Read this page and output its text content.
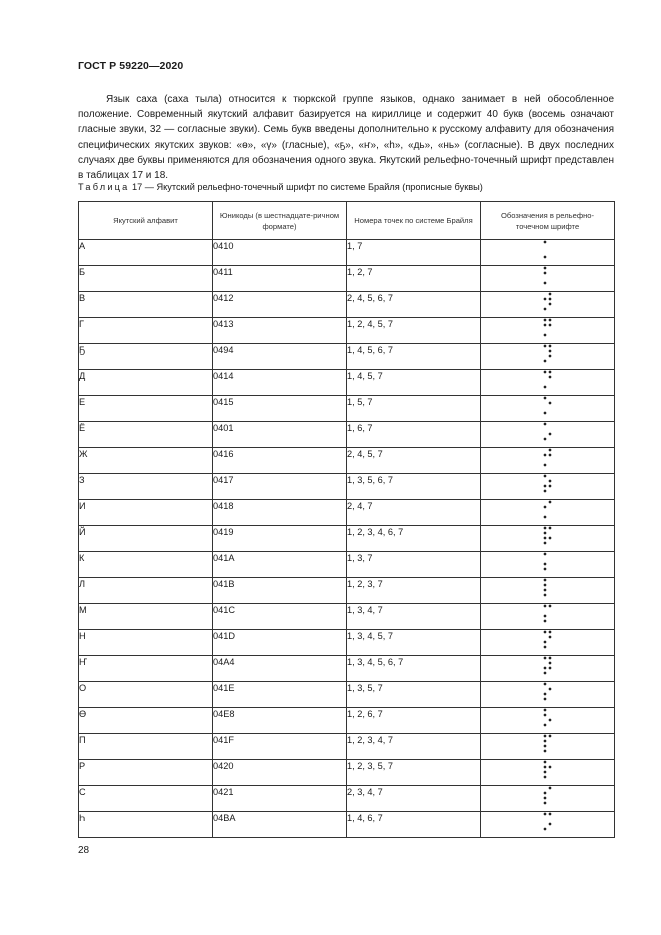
ГОСТ Р 59220—2020

Язык саха (саха тыла) относится к тюркской группе языков, однако занимает в ней обособленное положение. Современный якутский алфавит базируется на кириллице и содержит 40 букв (восемь означают гласные звуки, 32 — согласные звуки). Семь букв введены дополнительно к русскому алфавиту для обозначения специфических якутских звуков: «ɵ», «ү» (гласные), «ҕ», «ҥ», «һ», «дь», «нь» (согласные). В двух последних случаях две буквы применяются для обозначения одного звука. Якутский рельефно-точечный шрифт представлен в таблицах 17 и 18.

Таблица 17 — Якутский рельефно-точечный шрифт по системе Брайля (прописные буквы)
Якутский алфавит	Юникоды (в шестнадцате-ричном формате)	Номера точек по системе Брайля	Обозначения в рельефно-точечном шрифте
А	0410	1, 7	

Б	0411	1, 2, 7	

В	0412	2, 4, 5, 6, 7	

Г	0413	1, 2, 4, 5, 7	

Ҕ	0494	1, 4, 5, 6, 7	

Д	0414	1, 4, 5, 7	

Е	0415	1, 5, 7	

Ё	0401	1, 6, 7	

Ж	0416	2, 4, 5, 7	

З	0417	1, 3, 5, 6, 7	

И	0418	2, 4, 7	

Й	0419	1, 2, 3, 4, 6, 7	

К	041A	1, 3, 7	

Л	041B	1, 2, 3, 7	

М	041C	1, 3, 4, 7	

Н	041D	1, 3, 4, 5, 7	

Ҥ	04A4	1, 3, 4, 5, 6, 7	

О	041E	1, 3, 5, 7	

Ө	04E8	1, 2, 6, 7	

П	041F	1, 2, 3, 4, 7	

Р	0420	1, 2, 3, 5, 7	

С	0421	2, 3, 4, 7	

Һ	04BA	1, 4, 6, 7	
28
